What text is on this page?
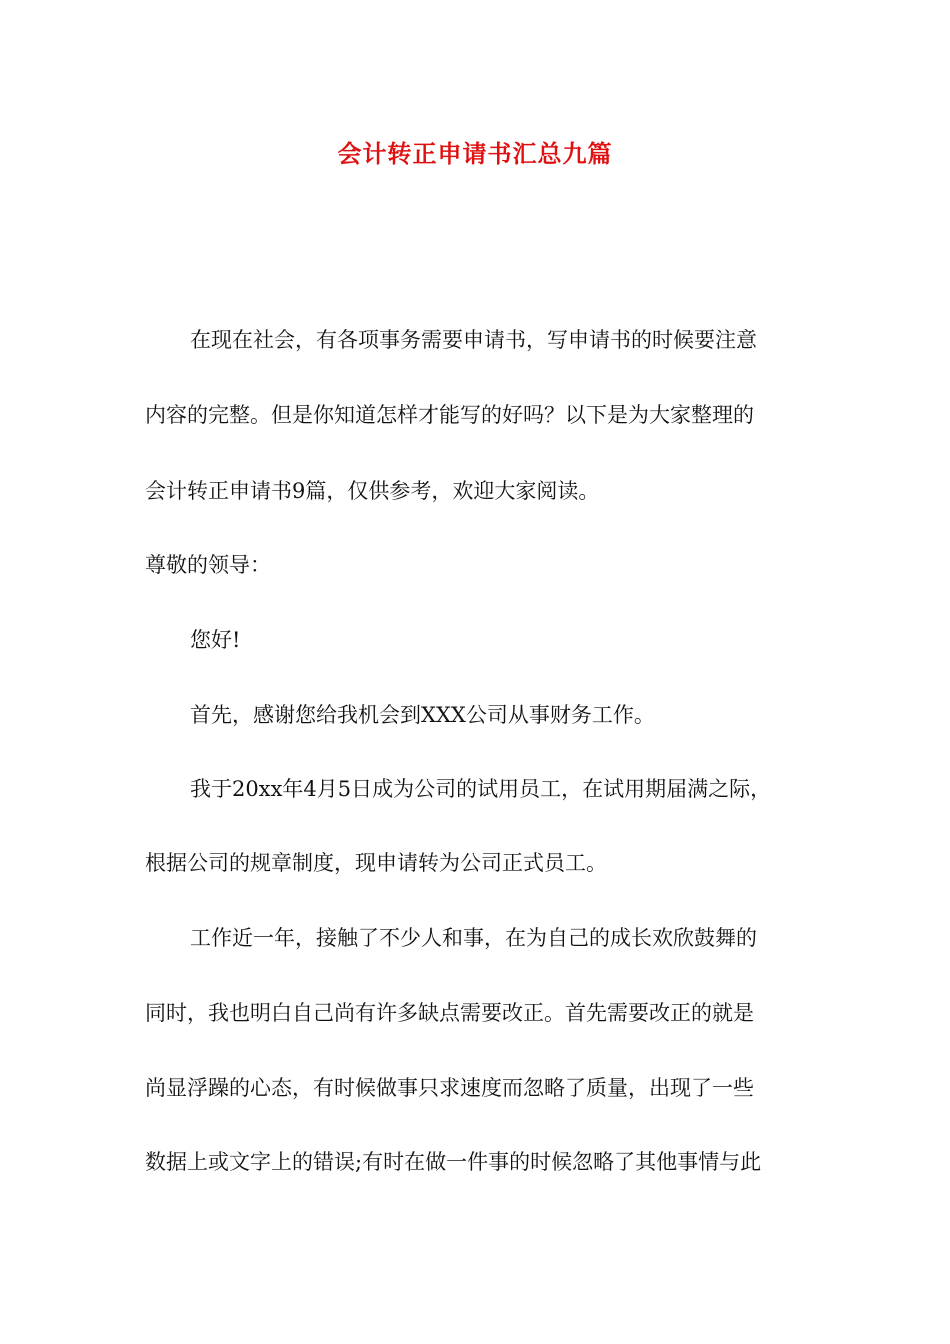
会计转正申请书汇总九篇

在现在社会，有各项事务需要申请书，写申请书的时候要注意

内容的完整。但是你知道怎样才能写的好吗？以下是为大家整理的

会计转正申请书9篇，仅供参考，欢迎大家阅读。

尊敬的领导：

您好!

首先，感谢您给我机会到XXX公司从事财务工作。

我于20xx年4月5日成为公司的试用员工，在试用期届满之际，

根据公司的规章制度，现申请转为公司正式员工。

工作近一年，接触了不少人和事，在为自己的成长欢欣鼓舞的

同时，我也明白自己尚有许多缺点需要改正。首先需要改正的就是

尚显浮躁的心态，有时候做事只求速度而忽略了质量，出现了一些

数据上或文字上的错误;有时在做一件事的时候忽略了其他事情与此
